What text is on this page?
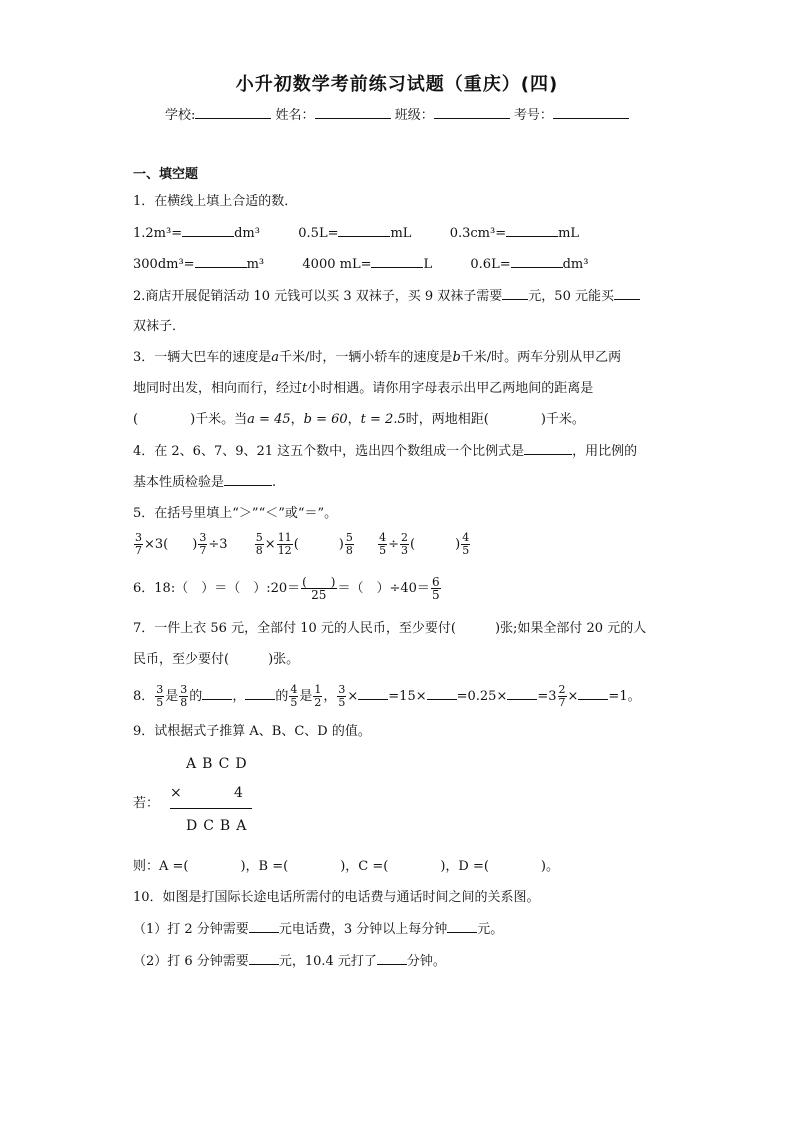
小升初数学考前练习试题（重庆）(四)
学校:	姓名：	班级：	考号：
一、填空题
1．在横线上填上合适的数．
1.2m³=	dm³	0.5L=	mL	0.3cm³=	mL
300dm³=	m³	4000 mL=	L	0.6L=	dm³
2.商店开展促销活动 10 元钱可以买 3 双袜子，买 9 双袜子需要 元，50 元能买
双袜子．
3．一辆大巴车的速度是a千米/时，一辆小轿车的速度是b千米/时。两车分别从甲乙两
地同时出发，相向而行，经过t小时相遇。请你用字母表示出甲乙两地间的距离是
(	)千米。当a = 45，b = 60，t = 2.5时，两地相距(	)千米。
4．在 2、6、7、9、21 这五个数中，选出四个数组成一个比例式是	，用比例的
基本性质检验是	.
5．在括号里填上“＞”“＜”或“＝”。
$\frac{3}{7} \times 3$( ) $\frac{3}{7} \div 3 \frac{5}{8} \times \frac{11}{12}$ (	) $\frac{5}{8}$
$\frac{4}{5} \div \frac{2}{3}$ (	) $\frac{4}{5}$
6．18:（　）＝（　）:20＝ $\frac{( )}{25}$ ＝（　）$\div 40= \frac{6}{5}$
7．一件上衣 56 元，全部付 10 元的人民币，至少要付(　　　)张;如果全部付 20 元的人
民币，至少要付(　　　)张。
8． $\frac{3}{5}$ 是 $\frac{3}{8}$ 的 ， 的 $\frac{4}{5}$ 是 $\frac{1}{2}$ ， $\frac{3}{5} \times =15\times =0.25\times =3 \frac{2}{7} \times =1$。
9．试根据式子推算 A、B、C、D 的值。
ABCD
×	4
DCBA
若：
则：A =(　　　　)，B =(　　　　)，C =(　　　　)，D =(　　　　)。
10．如图是打国际长途电话所需付的电话费与通话时间之间的关系图。
（1）打 2 分钟需要 元电话费，3 分钟以上每分钟 元。
（2）打 6 分钟需要 元，10.4 元打了 分钟。
